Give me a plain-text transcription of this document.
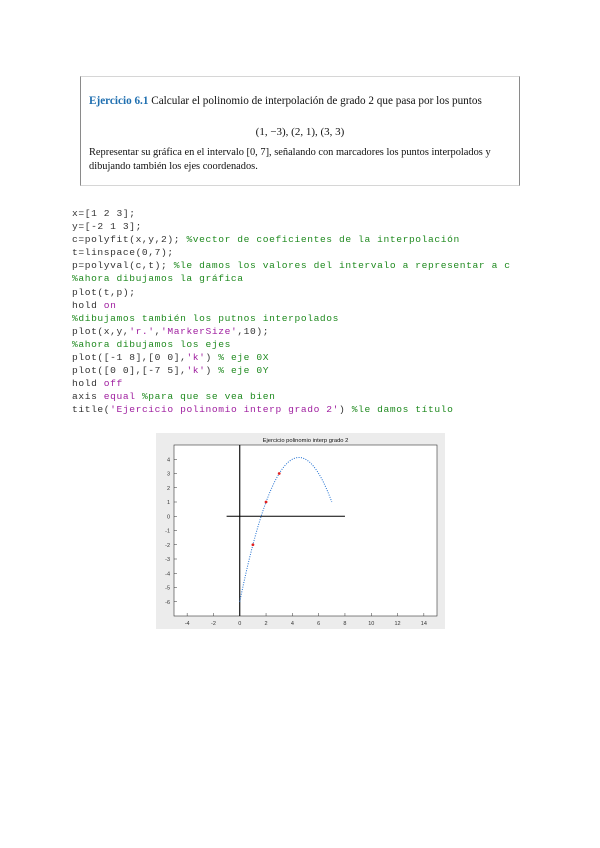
Ejercicio 6.1 Calcular el polinomio de interpolación de grado 2 que pasa por los puntos
(1, −3), (2, 1), (3, 3)
Representar su gráfica en el intervalo [0, 7], señalando con marcadores los puntos interpolados y dibujando también los ejes coordenados.
x=[1 2 3];
y=[-2 1 3];
c=polyfit(x,y,2); %vector de coeficientes de la interpolación
t=linspace(0,7);
p=polyval(c,t); %le damos los valores del intervalo a representar a c
%ahora dibujamos la gráfica
plot(t,p);
hold on
%dibujamos también los putnos interpolados
plot(x,y,'r.','MarkerSize',10);
%ahora dibujamos los ejes
plot([-1 8],[0 0],'k') % eje 0X
plot([0 0],[-7 5],'k') % eje 0Y
hold off
axis equal %para que se vea bien
title('Ejercicio polinomio interp grado 2') %le damos título
-4	-2	0	2	4	6	8	10	12	14
-6
-5
-4
-3
-2
-1
0
1
2
3
4
Ejercicio polinomio interp grado 2
